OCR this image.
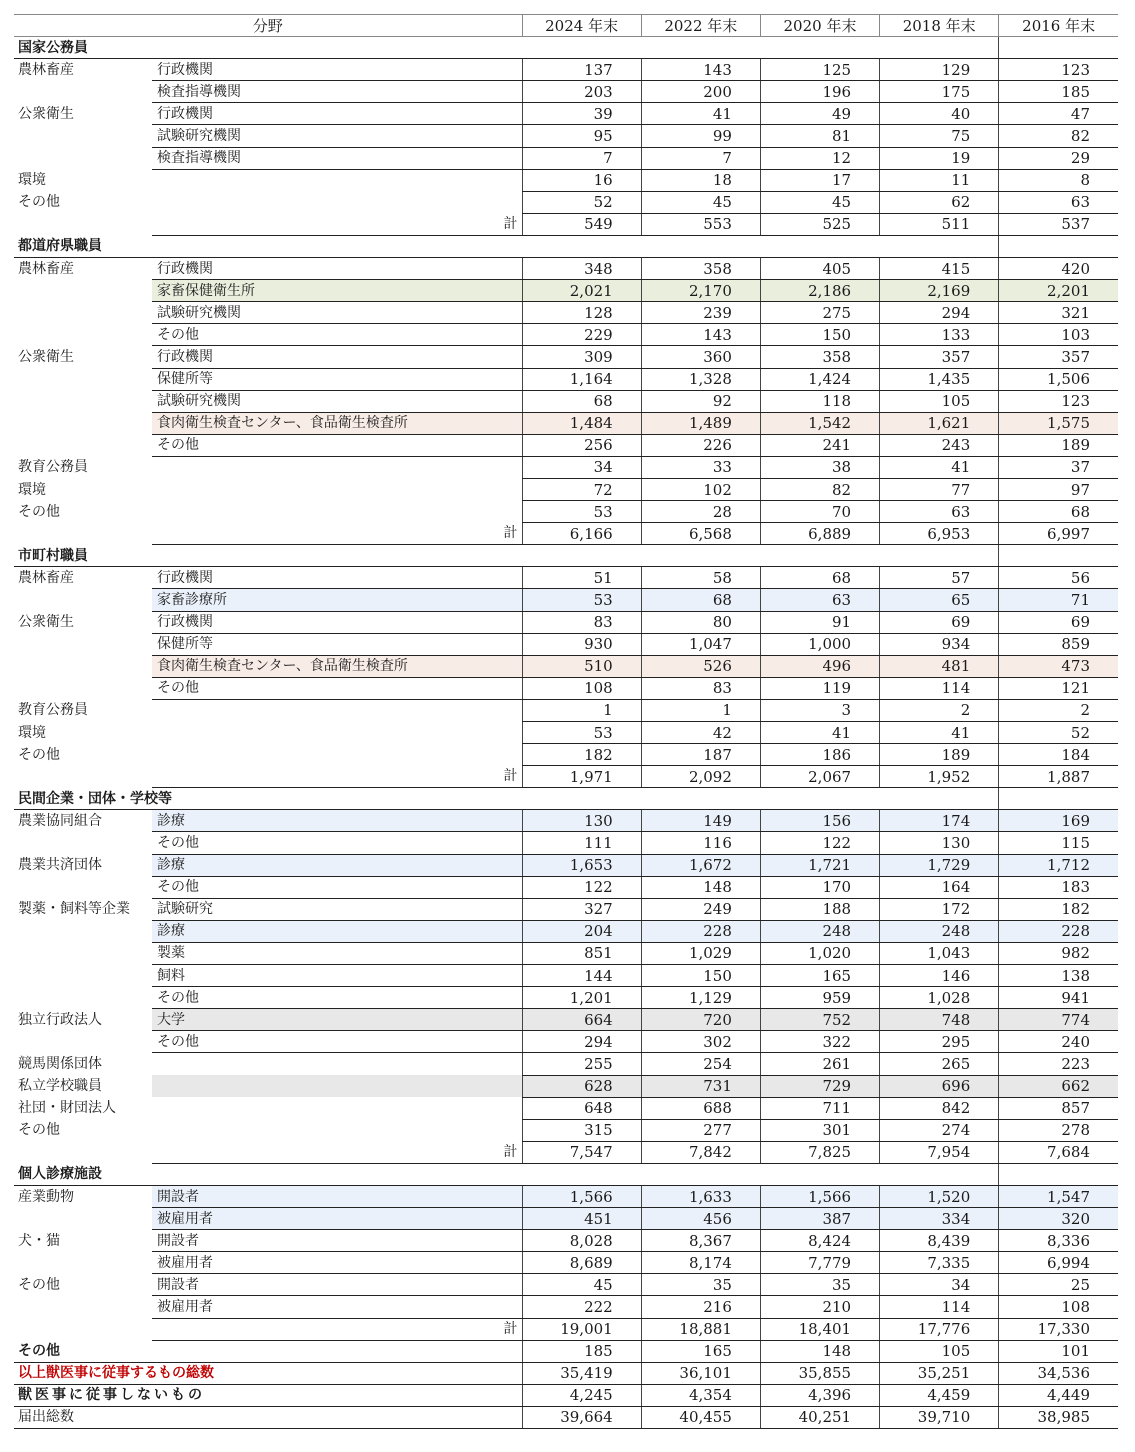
分野		2024 年末	2022 年末	2020 年末	2018 年末	2016 年末
国家公務員						
農林畜産	行政機関	137	143	125	129	123
	検査指導機関	203	200	196	175	185
公衆衛生	行政機関	39	41	49	40	47
	試験研究機関	95	99	81	75	82
	検査指導機関	7	7	12	19	29
環境		16	18	17	11	8
その他		52	45	45	62	63
	計	549	553	525	511	537
都道府県職員						
農林畜産	行政機関	348	358	405	415	420
	家畜保健衛生所	2,021	2,170	2,186	2,169	2,201
	試験研究機関	128	239	275	294	321
	その他	229	143	150	133	103
公衆衛生	行政機関	309	360	358	357	357
	保健所等	1,164	1,328	1,424	1,435	1,506
	試験研究機関	68	92	118	105	123
	食肉衛生検査センター、食品衛生検査所	1,484	1,489	1,542	1,621	1,575
	その他	256	226	241	243	189
教育公務員		34	33	38	41	37
環境		72	102	82	77	97
その他		53	28	70	63	68
	計	6,166	6,568	6,889	6,953	6,997
市町村職員						
農林畜産	行政機関	51	58	68	57	56
	家畜診療所	53	68	63	65	71
公衆衛生	行政機関	83	80	91	69	69
	保健所等	930	1,047	1,000	934	859
	食肉衛生検査センター、食品衛生検査所	510	526	496	481	473
	その他	108	83	119	114	121
教育公務員		1	1	3	2	2
環境		53	42	41	41	52
その他		182	187	186	189	184
	計	1,971	2,092	2,067	1,952	1,887
民間企業・団体・学校等						
農業協同組合	診療	130	149	156	174	169
	その他	111	116	122	130	115
農業共済団体	診療	1,653	1,672	1,721	1,729	1,712
	その他	122	148	170	164	183
製薬・飼料等企業	試験研究	327	249	188	172	182
	診療	204	228	248	248	228
	製薬	851	1,029	1,020	1,043	982
	飼料	144	150	165	146	138
	その他	1,201	1,129	959	1,028	941
独立行政法人	大学	664	720	752	748	774
	その他	294	302	322	295	240
競馬関係団体		255	254	261	265	223
私立学校職員		628	731	729	696	662
社団・財団法人		648	688	711	842	857
その他		315	277	301	274	278
	計	7,547	7,842	7,825	7,954	7,684
個人診療施設						
産業動物	開設者	1,566	1,633	1,566	1,520	1,547
	被雇用者	451	456	387	334	320
犬・猫	開設者	8,028	8,367	8,424	8,439	8,336
	被雇用者	8,689	8,174	7,779	7,335	6,994
その他	開設者	45	35	35	34	25
	被雇用者	222	216	210	114	108
	計	19,001	18,881	18,401	17,776	17,330
その他		185	165	148	105	101
以上獣医事に従事するもの総数		35,419	36,101	35,855	35,251	34,536
獣医事に従事しないもの		4,245	4,354	4,396	4,459	4,449
届出総数		39,664	40,455	40,251	39,710	38,985
